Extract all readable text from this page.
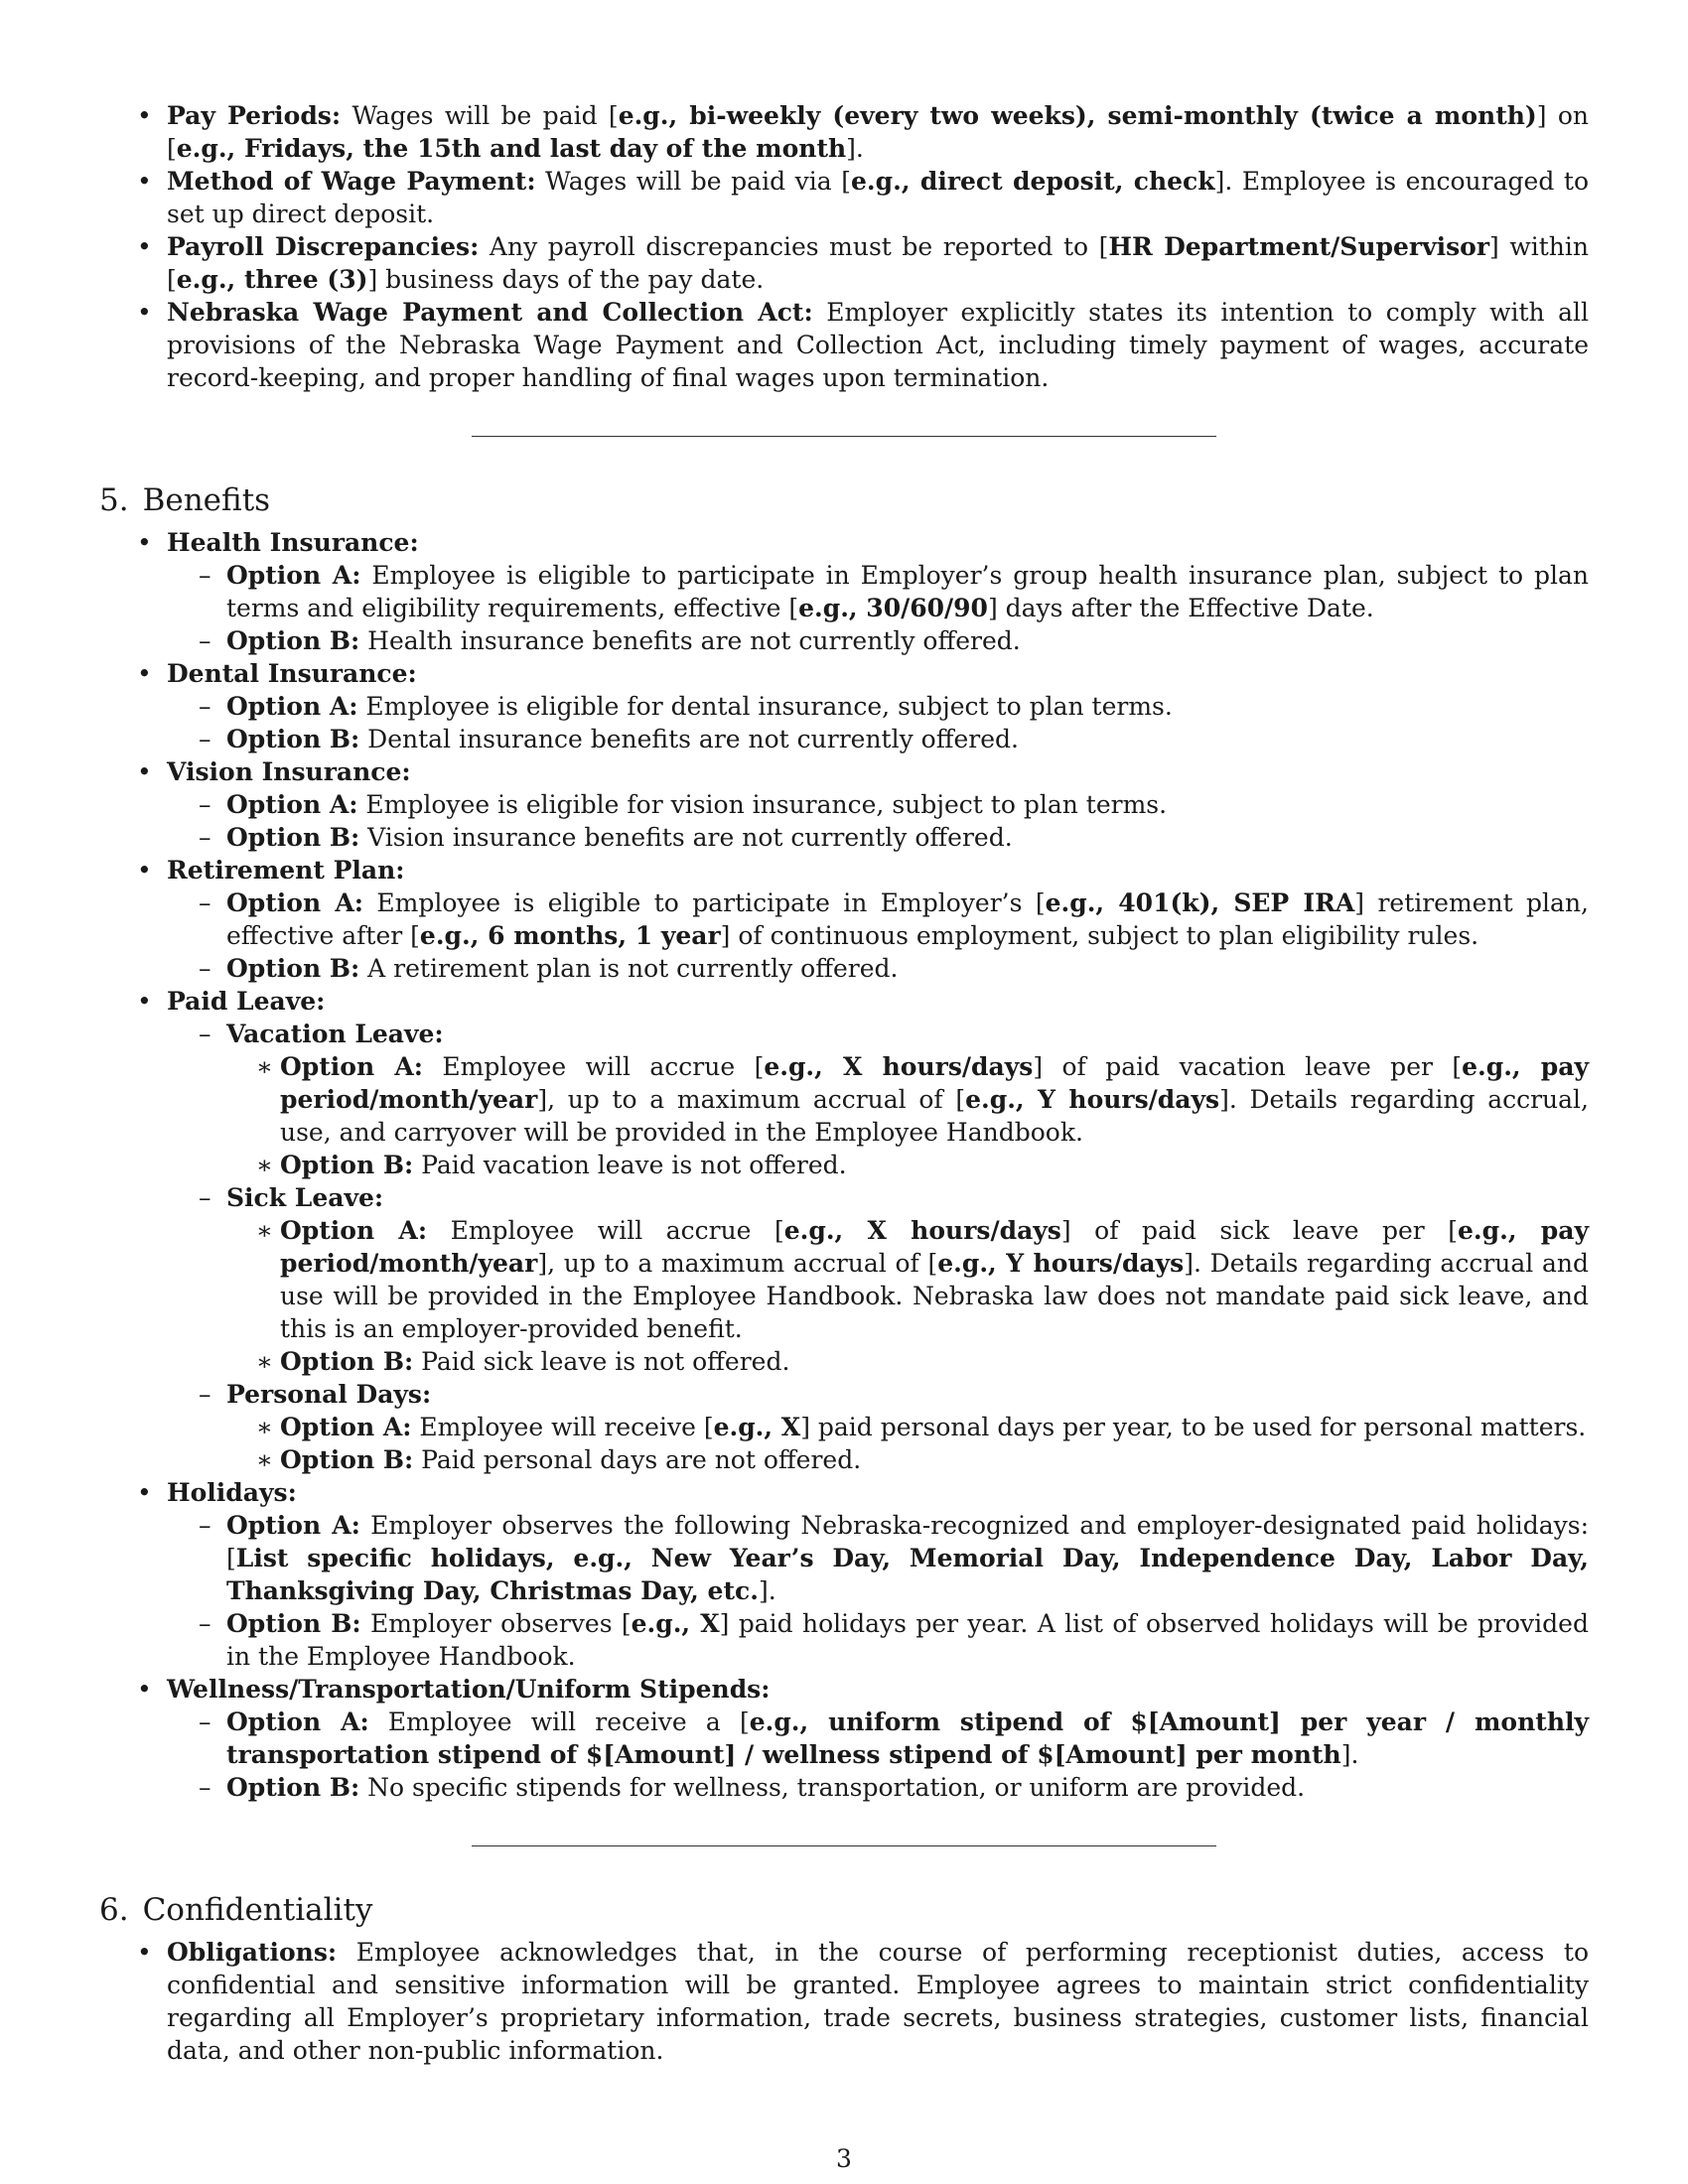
• Pay Periods: Wages will be paid [e.g., bi-weekly (every two weeks), semi-monthly (twice a month)] on [e.g., Fridays, the 15th and last day of the month].
• Method of Wage Payment: Wages will be paid via [e.g., direct deposit, check]. Employee is encouraged to set up direct deposit.
• Payroll Discrepancies: Any payroll discrepancies must be reported to [HR Department/Supervisor] within [e.g., three (3)] business days of the pay date.
• Nebraska Wage Payment and Collection Act: Employer explicitly states its intention to comply with all provisions of the Nebraska Wage Payment and Collection Act, including timely payment of wages, accurate record-keeping, and proper handling of final wages upon termination.
5. Benefits
• Health Insurance:
– Option A: Employee is eligible to participate in Employer’s group health insurance plan, subject to plan terms and eligibility requirements, effective [e.g., 30/60/90] days after the Effective Date.
– Option B: Health insurance benefits are not currently offered.
• Dental Insurance:
– Option A: Employee is eligible for dental insurance, subject to plan terms.
– Option B: Dental insurance benefits are not currently offered.
• Vision Insurance:
– Option A: Employee is eligible for vision insurance, subject to plan terms.
– Option B: Vision insurance benefits are not currently offered.
• Retirement Plan:
– Option A: Employee is eligible to participate in Employer’s [e.g., 401(k), SEP IRA] retirement plan, effective after [e.g., 6 months, 1 year] of continuous employment, subject to plan eligibility rules.
– Option B: A retirement plan is not currently offered.
• Paid Leave:
– Vacation Leave:
∗ Option A: Employee will accrue [e.g., X hours/days] of paid vacation leave per [e.g., pay period/month/year], up to a maximum accrual of [e.g., Y hours/days]. Details regarding accrual, use, and carryover will be provided in the Employee Handbook.
∗ Option B: Paid vacation leave is not offered.
– Sick Leave:
∗ Option A: Employee will accrue [e.g., X hours/days] of paid sick leave per [e.g., pay period/month/year], up to a maximum accrual of [e.g., Y hours/days]. Details regarding accrual and use will be provided in the Employee Handbook. Nebraska law does not mandate paid sick leave, and this is an employer-provided benefit.
∗ Option B: Paid sick leave is not offered.
– Personal Days:
∗ Option A: Employee will receive [e.g., X] paid personal days per year, to be used for personal matters.
∗ Option B: Paid personal days are not offered.
• Holidays:
– Option A: Employer observes the following Nebraska-recognized and employer-designated paid holidays: [List specific holidays, e.g., New Year’s Day, Memorial Day, Independence Day, Labor Day, Thanksgiving Day, Christmas Day, etc.].
– Option B: Employer observes [e.g., X] paid holidays per year. A list of observed holidays will be provided in the Employee Handbook.
• Wellness/Transportation/Uniform Stipends:
– Option A: Employee will receive a [e.g., uniform stipend of $[Amount] per year / monthly transportation stipend of $[Amount] / wellness stipend of $[Amount] per month].
– Option B: No specific stipends for wellness, transportation, or uniform are provided.
6. Confidentiality
• Obligations: Employee acknowledges that, in the course of performing receptionist duties, access to confidential and sensitive information will be granted. Employee agrees to maintain strict confidentiality regarding all Employer’s proprietary information, trade secrets, business strategies, customer lists, financial data, and other non-public information.
3
